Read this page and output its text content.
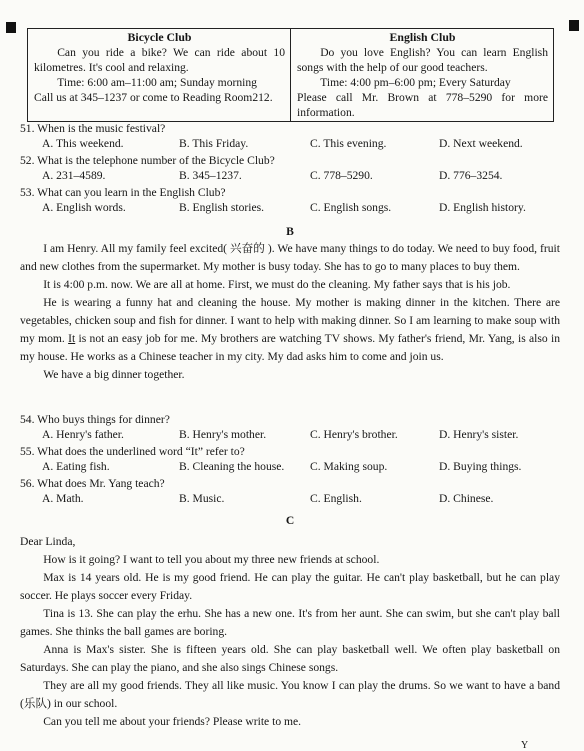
Bicycle Club
Can you ride a bike? We can ride about 10 kilometres. It's cool and relaxing.
Time: 6:00 am–11:00 am; Sunday morning
Call us at 345–1237 or come to Reading Room212.

English Club
Do you love English? You can learn English songs with the help of our good teachers.
Time: 4:00 pm–6:00 pm; Every Saturday
Please call Mr. Brown at 778–5290 for more information.
51. When is the music festival?
A. This weekend.	B. This Friday.	C. This evening.	D. Next weekend.
52. What is the telephone number of the Bicycle Club?
A. 231–4589.	B. 345–1237.	C. 778–5290.	D. 776–3254.
53. What can you learn in the English Club?
A. English words.	B. English stories.	C. English songs.	D. English history.
B
I am Henry. All my family feel excited( 兴奋的 ). We have many things to do today. We need to buy food, fruit and new clothes from the supermarket. My mother is busy today. She has to go to many places to buy them.
It is 4:00 p.m. now. We are all at home. First, we must do the cleaning. My father says that is his job.
He is wearing a funny hat and cleaning the house. My mother is making dinner in the kitchen. There are vegetables, chicken soup and fish for dinner. I want to help with making dinner. So I am learning to make soup with my mom. It is not an easy job for me. My brothers are watching TV shows. My father's friend, Mr. Yang, is also in my house. He works as a Chinese teacher in my city. My dad asks him to come and join us.
We have a big dinner together.
54. Who buys things for dinner?
A. Henry's father.	B. Henry's mother.	C. Henry's brother.	D. Henry's sister.
55. What does the underlined word “It” refer to?
A. Eating fish.	B. Cleaning the house. C. Making soup.	D. Buying things.
56. What does Mr. Yang teach?
A. Math.	B. Music.	C. English.	D. Chinese.
C
Dear Linda,
How is it going? I want to tell you about my three new friends at school.
Max is 14 years old. He is my good friend. He can play the guitar. He can't play basketball, but he can play soccer. He plays soccer every Friday.
Tina is 13. She can play the erhu. She has a new one. It's from her aunt. She can swim, but she can't play ball games. She thinks the ball games are boring.
Anna is Max's sister. She is fifteen years old. She can play basketball well. We often play basketball on Saturdays. She can play the piano, and she also sings Chinese songs.
They are all my good friends. They all like music. You know I can play the drums. So we want to have a band (乐队) in our school.
Can you tell me about your friends? Please write to me.
Y
